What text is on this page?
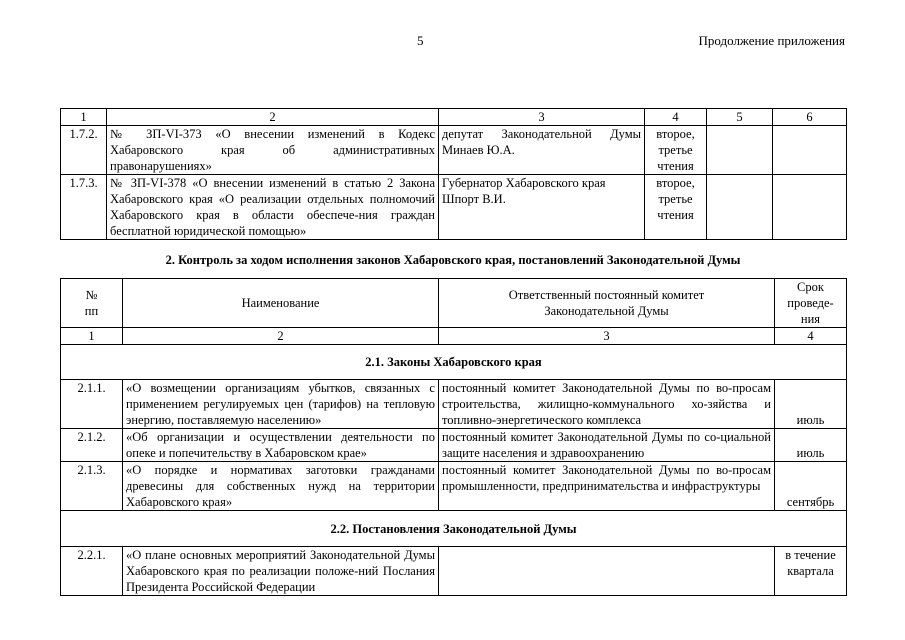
5	Продолжение приложения
1	2	3	4	5	6
1.7.2.	№ ЗП-VI-373 «О внесении изменений в Кодекс Хабаровского края об административных правонарушениях»	депутат Законодательной Думы Минаев Ю.А.	второе, третье чтения		
1.7.3.	№ ЗП-VI-378 «О внесении изменений в статью 2 Закона Хабаровского края «О реализации отдельных полномочий Хабаровского края в области обеспече-ния граждан бесплатной юридической помощью»	Губернатор Хабаровского края Шпорт В.И.	второе, третье чтения		
2. Контроль за ходом исполнения законов Хабаровского края, постановлений Законодательной Думы
№ пп	Наименование	Ответственный постоянный комитет Законодательной Думы	Срок проведе-ния
1	2	3	4
2.1. Законы Хабаровского края			
2.1.1.	«О возмещении организациям убытков, связанных с применением регулируемых цен (тарифов) на тепловую энергию, поставляемую населению»	постоянный комитет Законодательной Думы по во-просам строительства, жилищно-коммунального хо-зяйства и топливно-энергетического комплекса	июль
2.1.2.	«Об организации и осуществлении деятельности по опеке и попечительству в Хабаровском крае»	постоянный комитет Законодательной Думы по со-циальной защите населения и здравоохранению	июль
2.1.3.	«О порядке и нормативах заготовки гражданами древесины для собственных нужд на территории Хабаровского края»	постоянный комитет Законодательной Думы по во-просам промышленности, предпринимательства и инфраструктуры	сентябрь
2.2. Постановления Законодательной Думы			
2.2.1.	«О плане основных мероприятий Законодательной Думы Хабаровского края по реализации положе-ний Послания Президента Российской Федерации		в течение квартала
